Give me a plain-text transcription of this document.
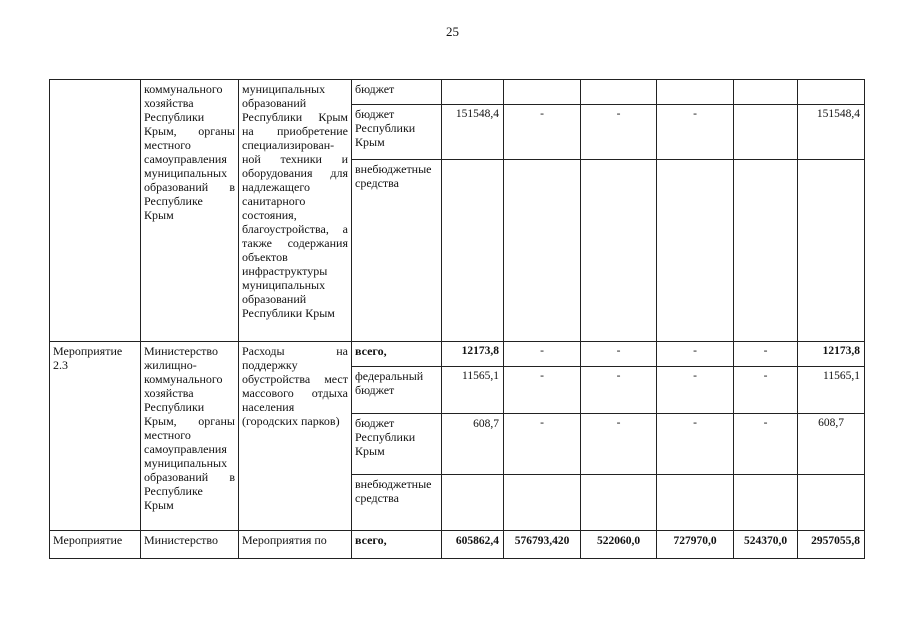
25
	коммунального хозяйства Республики Крым, органы местного самоуправления муниципальных образований в Республике Крым	муниципальных образований Республики Крым на приобретение специализирован-ной техники и оборудования для надлежащего санитарного состояния, благоустройства, а также содержания объектов инфраструктуры муниципальных образований Республики Крым	бюджет						
			бюджет Республики Крым	151548,4	-	-	-		151548,4
			внебюджетные средства						
Мероприятие 2.3	Министерство жилищно-коммунального хозяйства Республики Крым, органы местного самоуправления муниципальных образований в Республике Крым	Расходы на поддержку обустройства мест массового отдыха населения (городских парков)	всего,	12173,8	-	-	-	-	12173,8
			федеральный бюджет	11565,1	-	-	-	-	11565,1
			бюджет Республики Крым	608,7	-	-	-	-	608,7
			внебюджетные средства						
Мероприятие	Министерство	Мероприятия по	всего,	605862,4	576793,420	522060,0	727970,0	524370,0	2957055,8
